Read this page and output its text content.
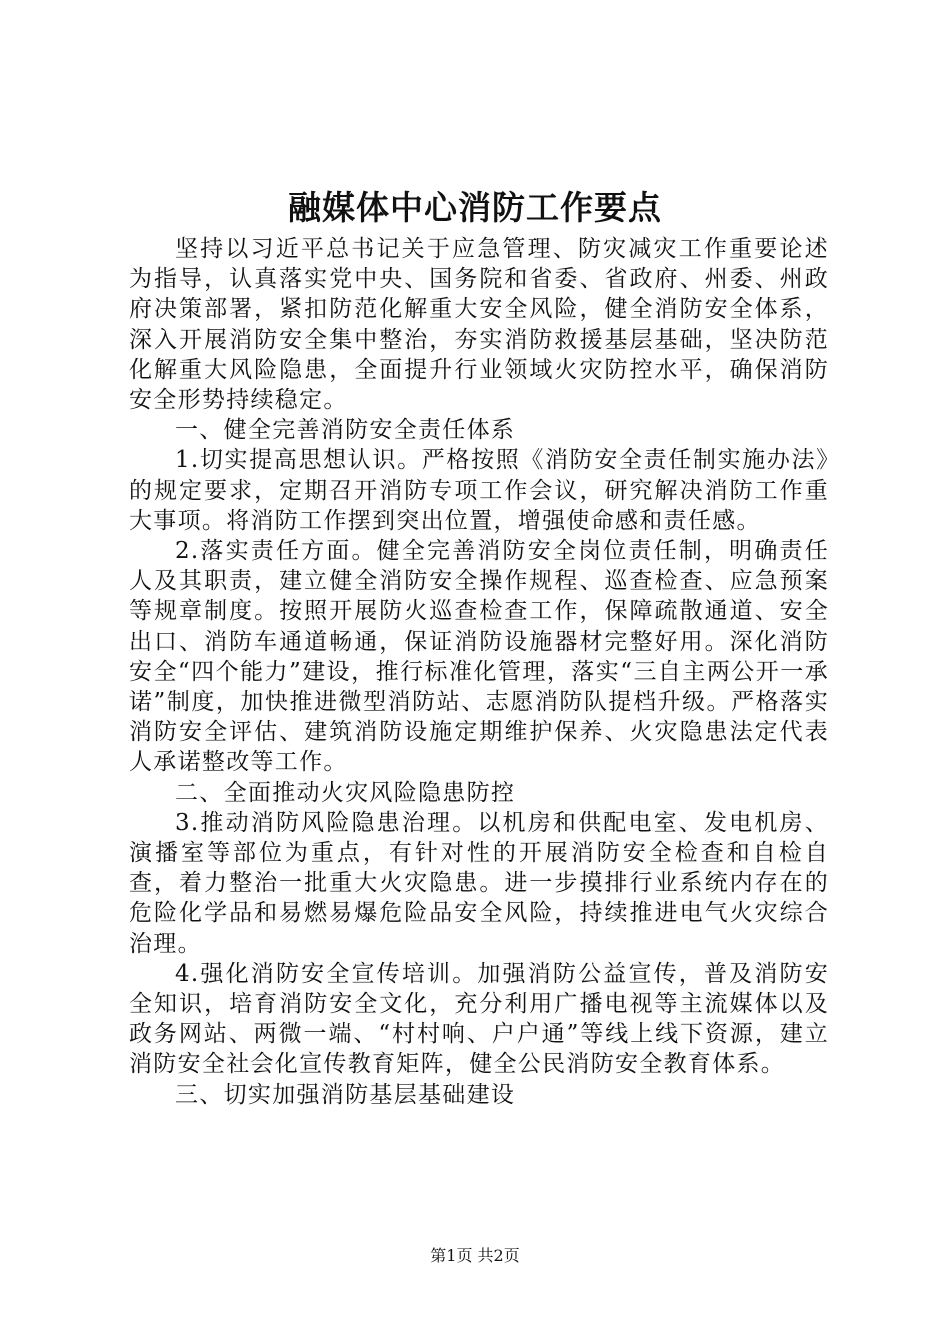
融媒体中心消防工作要点

坚持以习近平总书记关于应急管理、防灾减灾工作重要论述为指导，认真落实党中央、国务院和省委、省政府、州委、州政府决策部署，紧扣防范化解重大安全风险，健全消防安全体系，深入开展消防安全集中整治，夯实消防救援基层基础，坚决防范化解重大风险隐患，全面提升行业领域火灾防控水平，确保消防安全形势持续稳定。

一、健全完善消防安全责任体系

1.切实提高思想认识。严格按照《消防安全责任制实施办法》的规定要求，定期召开消防专项工作会议，研究解决消防工作重大事项。将消防工作摆到突出位置，增强使命感和责任感。

2.落实责任方面。健全完善消防安全岗位责任制，明确责任人及其职责，建立健全消防安全操作规程、巡查检查、应急预案等规章制度。按照开展防火巡查检查工作，保障疏散通道、安全出口、消防车通道畅通，保证消防设施器材完整好用。深化消防安全“四个能力”建设，推行标准化管理，落实“三自主两公开一承诺”制度，加快推进微型消防站、志愿消防队提档升级。严格落实消防安全评估、建筑消防设施定期维护保养、火灾隐患法定代表人承诺整改等工作。

二、全面推动火灾风险隐患防控

3.推动消防风险隐患治理。以机房和供配电室、发电机房、演播室等部位为重点，有针对性的开展消防安全检查和自检自查，着力整治一批重大火灾隐患。进一步摸排行业系统内存在的危险化学品和易燃易爆危险品安全风险，持续推进电气火灾综合治理。

4.强化消防安全宣传培训。加强消防公益宣传，普及消防安全知识，培育消防安全文化，充分利用广播电视等主流媒体以及政务网站、两微一端、“村村响、户户通”等线上线下资源，建立消防安全社会化宣传教育矩阵，健全公民消防安全教育体系。

三、切实加强消防基层基础建设

第1页 共2页
